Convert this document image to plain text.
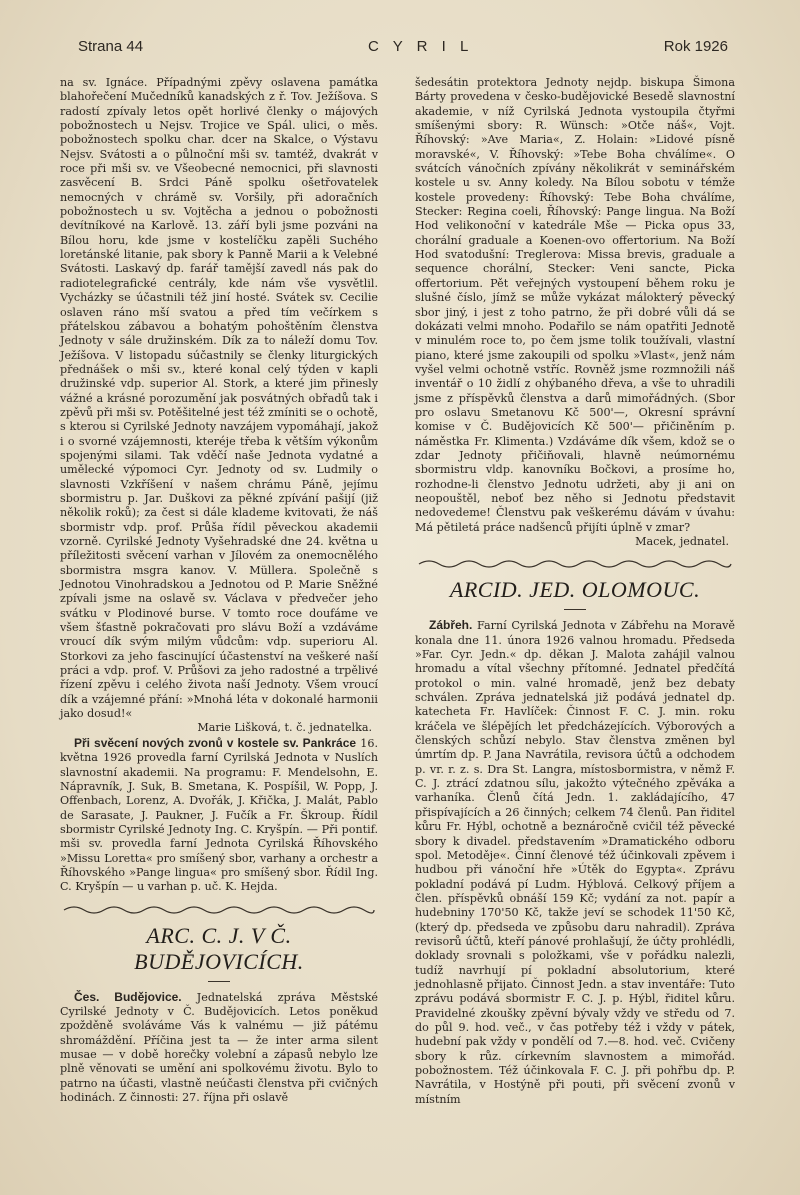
Strana 44	C Y R I L	Rok 1926

na sv. Ignáce. Případnými zpěvy oslavena památka blahořečení Mučedníků kanadských z ř. Tov. Ježíšova. S radostí zpívaly letos opět horlivé členky o májových pobožnostech u Nejsv. Trojice ve Spál. ulici, o měs. pobožnostech spolku char. dcer na Skalce, o Výstavu Nejsv. Svátosti a o půlnoční mši sv. tamtéž, dvakrát v roce při mši sv. ve Všeobecné nemocnici, při slavnosti zasvěcení B. Srdci Páně spolku ošetřovatelek nemocných v chrámě sv. Voršily, při adoračních pobožnostech u sv. Vojtěcha a jednou o pobožnosti devítníkové na Karlově. 13. září byli jsme pozváni na Bílou horu, kde jsme v kostelíčku zapěli Suchého loretánské litanie, pak sbory k Panně Marii a k Velebné Svátosti. Laskavý dp. farář tamější zavedl nás pak do radiotelegrafické centrály, kde nám vše vysvětlil. Vycházky se účastnili též jiní hosté. Svátek sv. Cecilie oslaven ráno mší svatou a před tím večírkem s přátelskou zábavou a bohatým pohoštěním členstva Jednoty v sále družinském. Dík za to náleží domu Tov. Ježíšova. V listopadu súčastnily se členky liturgických přednášek o mši sv., které konal celý týden v kapli družinské vdp. superior Al. Stork, a které jim přinesly vážné a krásné porozumění jak posvátných obřadů tak i zpěvů při mši sv. Potěšitelné jest též zmíniti se o ochotě, s kterou si Cyrilské Jednoty navzájem vypomáhají, jakož i o svorné vzájemnosti, kteréje třeba k větším výkonům spojenými silami. Tak vděčí naše Jednota vydatné a umělecké výpomoci Cyr. Jednoty od sv. Ludmily o slavnosti Vzkříšení v našem chrámu Páně, jejímu sbormistru p. Jar. Duškovi za pěkné zpívání pašijí (již několik roků); za čest si dále klademe kvitovati, že náš sbormistr vdp. prof. Průša řídil pěveckou akademii vzorně. Cyrilské Jednoty Vyšehradské dne 24. května u příležitosti svěcení varhan v Jílovém za onemocnělého sbormistra msgra kanov. V. Müllera. Společně s Jednotou Vinohradskou a Jednotou od P. Marie Sněžné zpívali jsme na oslavě sv. Václava v předvečer jeho svátku v Plodinové burse. V tomto roce doufáme ve všem šťastně pokračovati pro slávu Boží a vzdáváme vroucí dík svým milým vůdcům: vdp. superioru Al. Storkovi za jeho fascinující účastenství na veškeré naší práci a vdp. prof. V. Průšovi za jeho radostné a trpělivé řízení zpěvu i celého života naší Jednoty. Všem vroucí dík a vzájemné přání: »Mnohá léta v dokonalé harmonii jako dosud!«

Marie Lišková, t. č. jednatelka.

Při svěcení nových zvonů v kostele sv. Pankráce 16. května 1926 provedla farní Cyrilská Jednota v Nuslích slavnostní akademii. Na programu: F. Mendelsohn, E. Nápravník, J. Suk, B. Smetana, K. Pospíšil, W. Popp, J. Offenbach, Lorenz, A. Dvořák, J. Křička, J. Malát, Pablo de Sarasate, J. Paukner, J. Fučík a Fr. Škroup. Řídil sbormistr Cyrilské Jednoty Ing. C. Kryšpín. — Při pontif. mši sv. provedla farní Jednota Cyrilská Říhovského »Missu Loretta« pro smíšený sbor, varhany a orchestr a Říhovského »Pange lingua« pro smíšený sbor. Řídil Ing. C. Kryšpín — u varhan p. uč. K. Hejda.

ARC. C. J. V Č. BUDĚJOVICÍCH.

Čes. Budějovice. Jednatelská zpráva Městské Cyrilské Jednoty v Č. Budějovicích. Letos poněkud zpožděně svoláváme Vás k valnému — již pátému shromáždění. Příčina jest ta — že inter arma silent musae — v době horečky volební a zápasů nebylo lze plně věnovati se umění ani spolkovému životu. Bylo to patrno na účasti, vlastně neúčasti členstva při cvičných hodinách. Z činnosti: 27. října při oslavě

šedesátin protektora Jednoty nejdp. biskupa Šimona Bárty provedena v česko-budějovické Besedě slavnostní akademie, v níž Cyrilská Jednota vystoupila čtyřmi smíšenými sbory: R. Wünsch: »Otče náš«, Vojt. Říhovský: »Ave Maria«, Z. Holain: »Lidové písně moravské«, V. Říhovský: »Tebe Boha chválíme«. O svátcích vánočních zpívány několikrát v seminářském kostele u sv. Anny koledy. Na Bílou sobotu v témže kostele provedeny: Říhovský: Tebe Boha chválíme, Stecker: Regina coeli, Říhovský: Pange lingua. Na Boží Hod velikonoční v katedrále Mše — Picka opus 33, chorální graduale a Koenen-ovo offertorium. Na Boží Hod svatodušní: Treglerova: Missa brevis, graduale a sequence chorální, Stecker: Veni sancte, Picka offertorium. Pět veřejných vystoupení během roku je slušné číslo, jímž se může vykázat málokterý pěvecký sbor jiný, i jest z toho patrno, že při dobré vůli dá se dokázati velmi mnoho. Podařilo se nám opatřiti Jednotě v minulém roce to, po čem jsme tolik toužívali, vlastní piano, které jsme zakoupili od spolku »Vlast«, jenž nám vyšel velmi ochotně vstříc. Rovněž jsme rozmnožili náš inventář o 10 židlí z ohýbaného dřeva, a vše to uhradili jsme z příspěvků členstva a darů mimořádných. (Sbor pro oslavu Smetanovu Kč 500'—, Okresní správní komise v Č. Budějovicích Kč 500'— přičiněním p. náměstka Fr. Klimenta.) Vzdáváme dík všem, kdož se o zdar Jednoty přičiňovali, hlavně neúmornému sbormistru vldp. kanovníku Bočkovi, a prosíme ho, rozhodne-li členstvo Jednotu udržeti, aby ji ani on neopouštěl, neboť bez něho si Jednotu představit nedovedeme! Členstvu pak veškerému dávám v úvahu: Má pětiletá práce nadšenců přijíti úplně v zmar?

Macek, jednatel.

ARCID. JED. OLOMOUC.

Zábřeh. Farní Cyrilská Jednota v Zábřehu na Moravě konala dne 11. února 1926 valnou hromadu. Předseda »Far. Cyr. Jedn.« dp. děkan J. Malota zahájil valnou hromadu a vítal všechny přítomné. Jednatel předčítá protokol o min. valné hromadě, jenž bez debaty schválen. Zpráva jednatelská již podává jednatel dp. katecheta Fr. Havlíček: Činnost F. C. J. min. roku kráčela ve šlépějích let předcházejících. Výborových a členských schůzí nebylo. Stav členstva změnen byl úmrtím dp. P. Jana Navrátila, revisora účtů a odchodem p. vr. r. z. s. Dra St. Langra, místosbormistra, v němž F. C. J. ztrácí zdatnou sílu, jakožto výtečného zpěváka a varhaníka. Členů čítá Jedn. 1. zakládajícího, 47 přispívajících a 26 činných; celkem 74 členů. Pan řiditel kůru Fr. Hýbl, ochotně a beznáročně cvičil též pěvecké sbory k divadel. představením »Dramatického odboru spol. Metoděje«. Činní členové též účinkovali zpěvem i hudbou při vánoční hře »Útěk do Egypta«. Zprávu pokladní podává pí Ludm. Hýblová. Celkový příjem a člen. příspěvků obnáší 159 Kč; vydání za not. papír a hudebniny 170'50 Kč, takže jeví se schodek 11'50 Kč, (který dp. předseda ve způsobu daru nahradil). Zpráva revisorů účtů, kteří pánové prohlašují, že účty prohlédli, doklady srovnali s položkami, vše v pořádku nalezli, tudíž navrhují pí pokladní absolutorium, které jednohlasně přijato. Činnost Jedn. a stav inventáře: Tuto zprávu podává sbormistr F. C. J. p. Hýbl, řiditel kůru. Pravidelné zkoušky zpěvní bývaly vždy ve středu od 7. do půl 9. hod. več., v čas potřeby též i vždy v pátek, hudební pak vždy v pondělí od 7.—8. hod. več. Cvičeny sbory k růz. církevním slavnostem a mimořád. pobožnostem. Též účinkovala F. C. J. při pohřbu dp. P. Navrátila, v Hostýně při pouti, při svěcení zvonů v místním
